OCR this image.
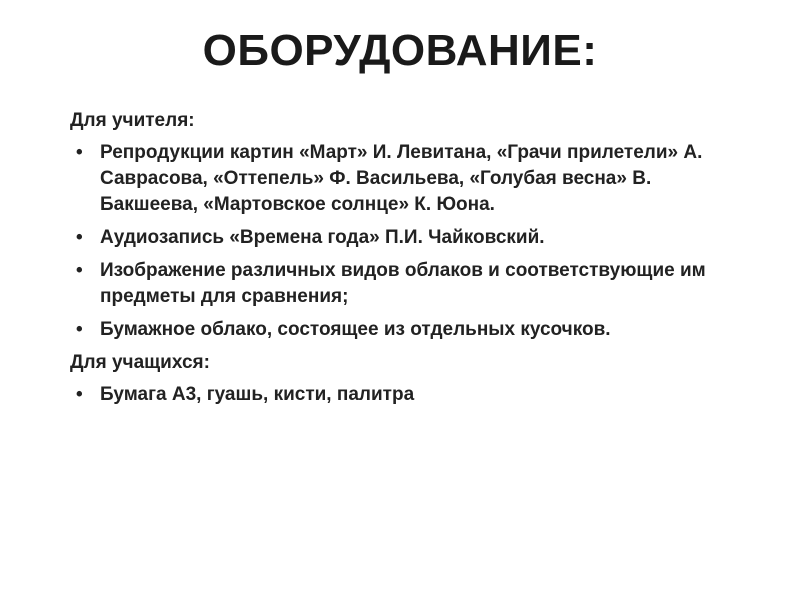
ОБОРУДОВАНИЕ:
Для учителя:
• Репродукции картин «Март» И. Левитана, «Грачи прилетели» А. Саврасова, «Оттепель» Ф. Васильева, «Голубая весна» В. Бакшеева, «Мартовское солнце» К. Юона.
• Аудиозапись «Времена года» П.И. Чайковский.
• Изображение различных видов облаков и соответствующие им предметы для сравнения;
• Бумажное облако, состоящее из отдельных кусочков.
Для учащихся:
• Бумага А3, гуашь, кисти, палитра
